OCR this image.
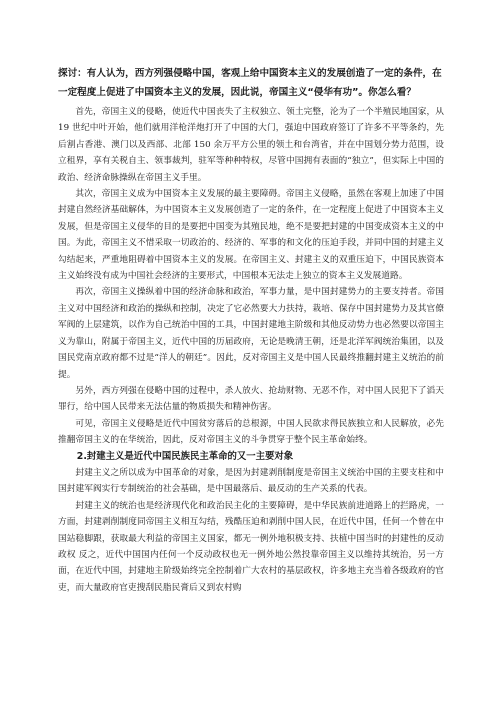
探讨：有人认为，西方列强侵略中国，客观上给中国资本主义的发展创造了一定的条件，在一定程度上促进了中国资本主义的发展，因此说，帝国主义“侵华有功”。你怎么看？

首先，帝国主义的侵略，使近代中国丧失了主权独立、领土完整，沦为了一个半殖民地国家，从 19 世纪中叶开始，他们就用洋枪洋炮打开了中国的大门，强迫中国政府签订了许多不平等条约，先后割占香港、澳门以及西部、北部 150 余万平方公里的领土和台湾省，并在中国划分势力范围，设立租界，享有关税自主、领事裁判，驻军等种种特权，尽管中国拥有表面的“独立”，但实际上中国的政治、经济命脉操纵在帝国主义手里。

其次，帝国主义成为中国资本主义发展的最主要障碍。帝国主义侵略，虽然在客观上加速了中国封建自然经济基础解体，为中国资本主义发展创造了一定的条件，在一定程度上促进了中国资本主义发展，但是帝国主义侵华的目的是要把中国变为其殖民地，绝不是要把封建的中国变成资本主义的中国。为此，帝国主义不惜采取一切政治的、经济的、军事的和文化的压迫手段，并同中国的封建主义勾结起来，严重地阻碍着中国资本主义的发展。在帝国主义、封建主义的双重压迫下，中国民族资本主义始终没有成为中国社会经济的主要形式，中国根本无法走上独立的资本主义发展道路。

再次，帝国主义操纵着中国的经济命脉和政治，军事力量，是中国封建势力的主要支持者。帝国主义对中国经济和政治的操纵和控制，决定了它必然要大力扶持，栽培、保存中国封建势力及其官僚军阀的上层建筑，以作为自己统治中国的工具，中国封建地主阶级和其他反动势力也必然要以帝国主义为靠山，附属于帝国主义，近代中国的历届政府，无论是晚清王朝，还是北洋军阀统治集团，以及国民党南京政府都不过是“洋人的朝廷”。因此，反对帝国主义是中国人民最终推翻封建主义统治的前提。

另外，西方列强在侵略中国的过程中，杀人放火、抢劫财物、无恶不作，对中国人民犯下了滔天罪行，给中国人民带来无法估量的物质损失和精神伤害。

可见，帝国主义侵略是近代中国贫穷落后的总根源，中国人民欲求得民族独立和人民解放，必先推翻帝国主义的在华统治，因此，反对帝国主义的斗争贯穿于整个民主革命始终。

2.封建主义是近代中国民族民主革命的又一主要对象

封建主义之所以成为中国革命的对象，是因为封建剥削制度是帝国主义统治中国的主要支柱和中国封建军阀实行专制统治的社会基础，是中国最落后、最反动的生产关系的代表。

封建主义的统治也是经济现代化和政治民主化的主要障碍，是中华民族前进道路上的拦路虎，一方面，封建剥削制度同帝国主义相互勾结，残酷压迫和剥削中国人民，在近代中国，任何一个曾在中国站稳脚跟，获取最大利益的帝国主义国家，都无一例外地积极支持、扶植中国当时的封建性的反动政权 反之，近代中国国内任何一个反动政权也无一例外地公然投靠帝国主义以维持其统治，另一方面，在近代中国，封建地主阶级始终完全控制着广大农村的基层政权，许多地主充当着各级政府的官吏，而大量政府官吏搜刮民脂民膏后又到农村购
